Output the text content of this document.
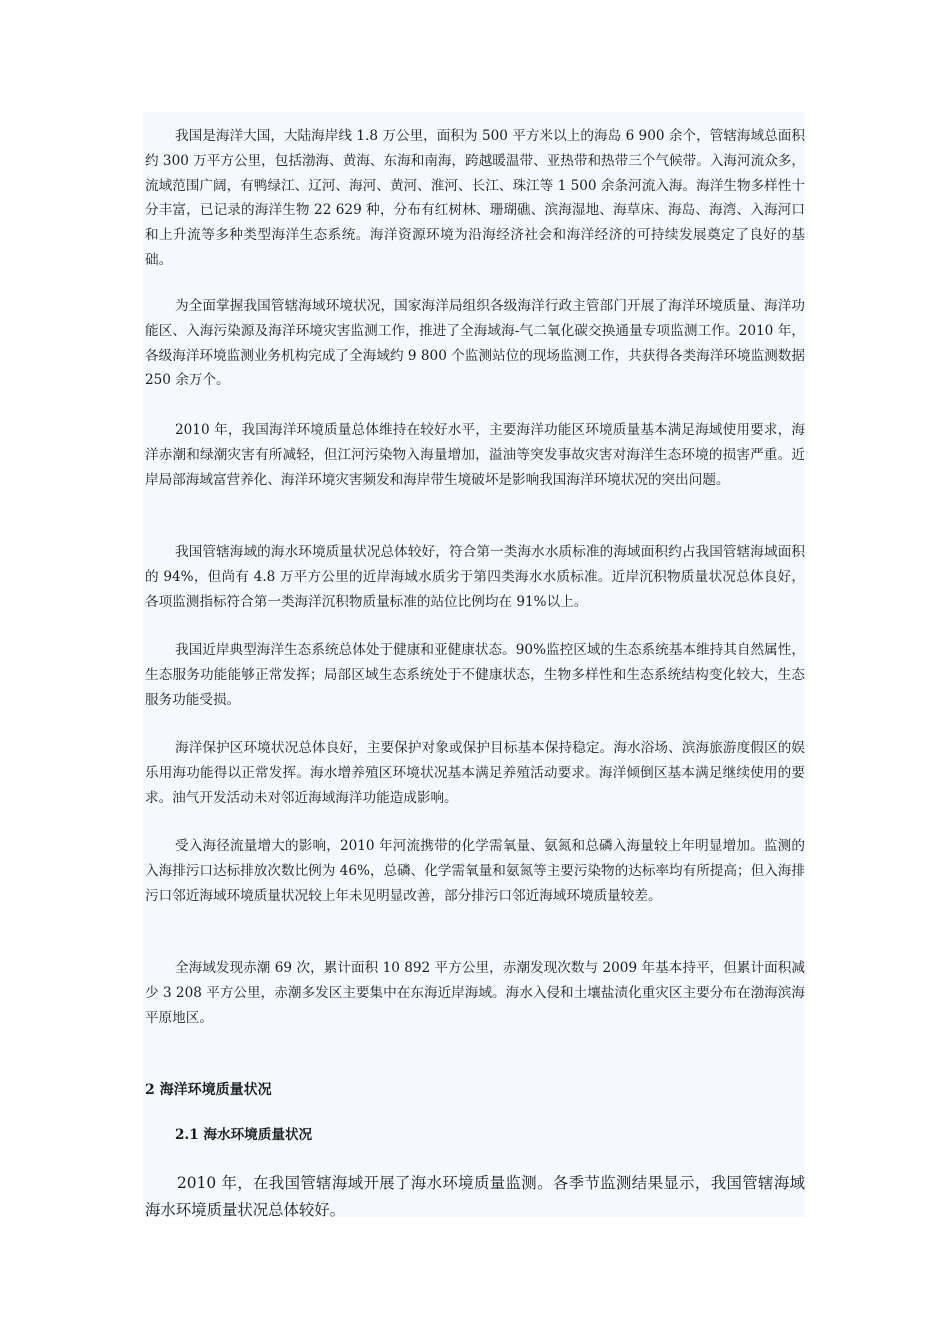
我国是海洋大国，大陆海岸线 1.8 万公里，面积为 500 平方米以上的海岛 6 900 余个，管辖海域总面积约 300 万平方公里，包括渤海、黄海、东海和南海，跨越暖温带、亚热带和热带三个气候带。入海河流众多，流域范围广阔，有鸭绿江、辽河、海河、黄河、淮河、长江、珠江等 1 500 余条河流入海。海洋生物多样性十分丰富，已记录的海洋生物 22 629 种，分布有红树林、珊瑚礁、滨海湿地、海草床、海岛、海湾、入海河口和上升流等多种类型海洋生态系统。海洋资源环境为沿海经济社会和海洋经济的可持续发展奠定了良好的基础。

为全面掌握我国管辖海域环境状况，国家海洋局组织各级海洋行政主管部门开展了海洋环境质量、海洋功能区、入海污染源及海洋环境灾害监测工作，推进了全海域海-气二氧化碳交换通量专项监测工作。2010 年，各级海洋环境监测业务机构完成了全海域约 9 800 个监测站位的现场监测工作，共获得各类海洋环境监测数据 250 余万个。

2010 年，我国海洋环境质量总体维持在较好水平，主要海洋功能区环境质量基本满足海域使用要求，海洋赤潮和绿潮灾害有所减轻，但江河污染物入海量增加，溢油等突发事故灾害对海洋生态环境的损害严重。近岸局部海域富营养化、海洋环境灾害频发和海岸带生境破坏是影响我国海洋环境状况的突出问题。

我国管辖海域的海水环境质量状况总体较好，符合第一类海水水质标准的海域面积约占我国管辖海域面积的 94%，但尚有 4.8 万平方公里的近岸海域水质劣于第四类海水水质标准。近岸沉积物质量状况总体良好，各项监测指标符合第一类海洋沉积物质量标准的站位比例均在 91%以上。

我国近岸典型海洋生态系统总体处于健康和亚健康状态。90%监控区域的生态系统基本维持其自然属性，生态服务功能能够正常发挥；局部区域生态系统处于不健康状态，生物多样性和生态系统结构变化较大，生态服务功能受损。

海洋保护区环境状况总体良好，主要保护对象或保护目标基本保持稳定。海水浴场、滨海旅游度假区的娱乐用海功能得以正常发挥。海水增养殖区环境状况基本满足养殖活动要求。海洋倾倒区基本满足继续使用的要求。油气开发活动未对邻近海域海洋功能造成影响。

受入海径流量增大的影响，2010 年河流携带的化学需氧量、氨氮和总磷入海量较上年明显增加。监测的入海排污口达标排放次数比例为 46%，总磷、化学需氧量和氨氮等主要污染物的达标率均有所提高；但入海排污口邻近海域环境质量状况较上年未见明显改善，部分排污口邻近海域环境质量较差。

全海域发现赤潮 69 次，累计面积 10 892 平方公里，赤潮发现次数与 2009 年基本持平，但累计面积减少 3 208 平方公里，赤潮多发区主要集中在东海近岸海域。海水入侵和土壤盐渍化重灾区主要分布在渤海滨海平原地区。

2 海洋环境质量状况
2.1 海水环境质量状况

2010 年，在我国管辖海域开展了海水环境质量监测。各季节监测结果显示，我国管辖海域海水环境质量状况总体较好。
